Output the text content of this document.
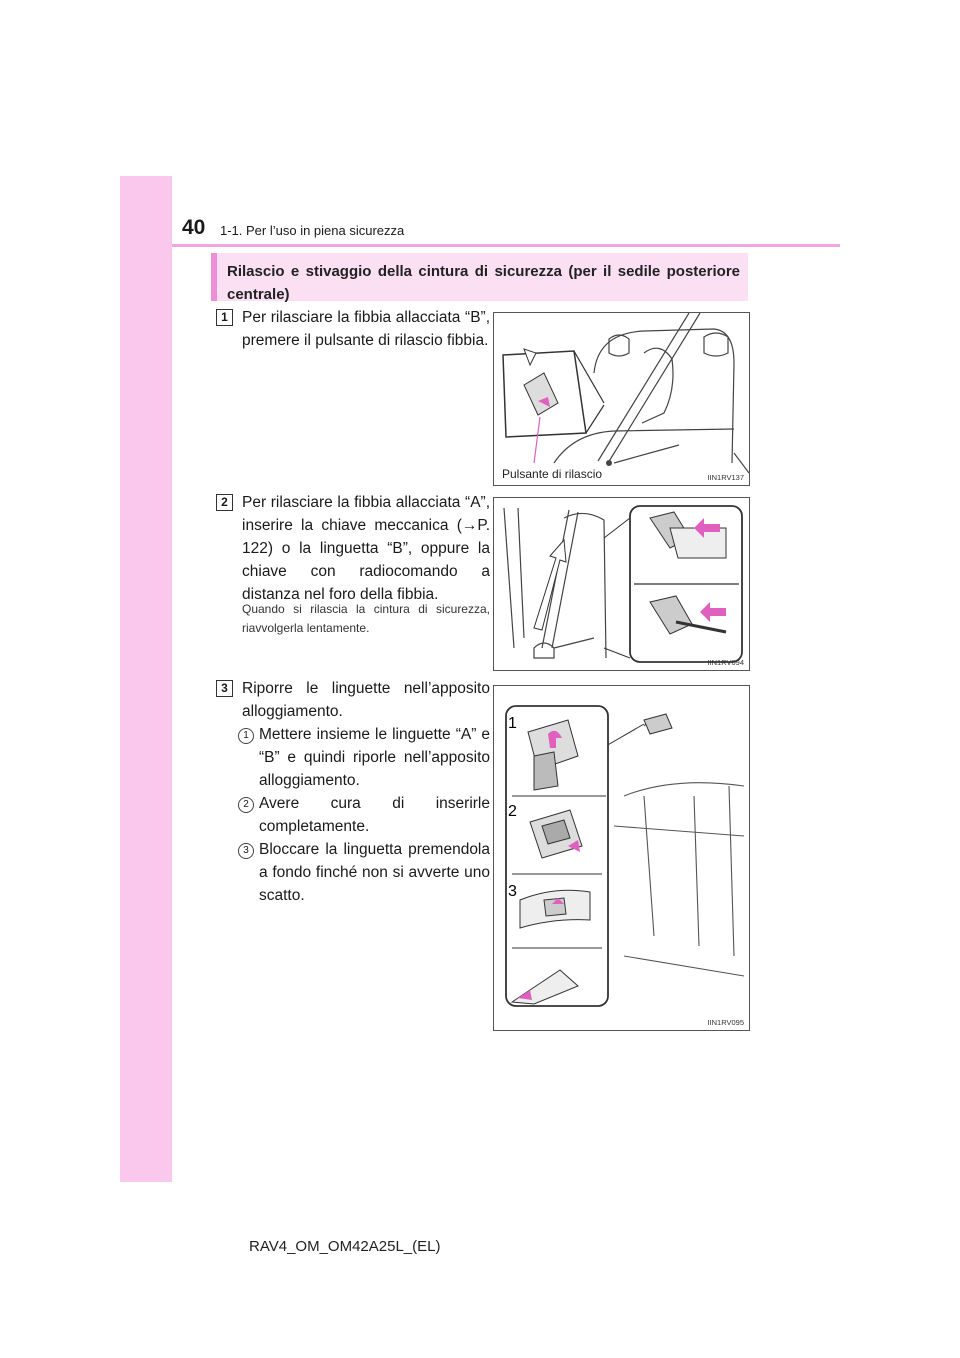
40 1-1. Per l’uso in piena sicurezza
Rilascio e stivaggio della cintura di sicurezza (per il sedile posteriore centrale)
1 Per rilasciare la fibbia allacciata “B”, premere il pulsante di rilascio fibbia.
Pulsante di rilascio	IIN1RV137
2 Per rilasciare la fibbia allacciata “A”, inserire la chiave meccanica (→P. 122) o la linguetta “B”, oppure la chiave con radiocomando a distanza nel foro della fibbia.
Quando si rilascia la cintura di sicurezza, riavvolgerla lentamente.
IIN1RV094
3 Riporre le linguette nell’apposito alloggiamento.
1 Mettere insieme le linguette “A” e “B” e quindi riporle nell’apposito alloggiamento.
2 Avere cura di inserirle completamente.
3 Bloccare la linguetta premendola a fondo finché non si avverte uno scatto.
1
2
3
IIN1RV095
RAV4_OM_OM42A25L_(EL)
